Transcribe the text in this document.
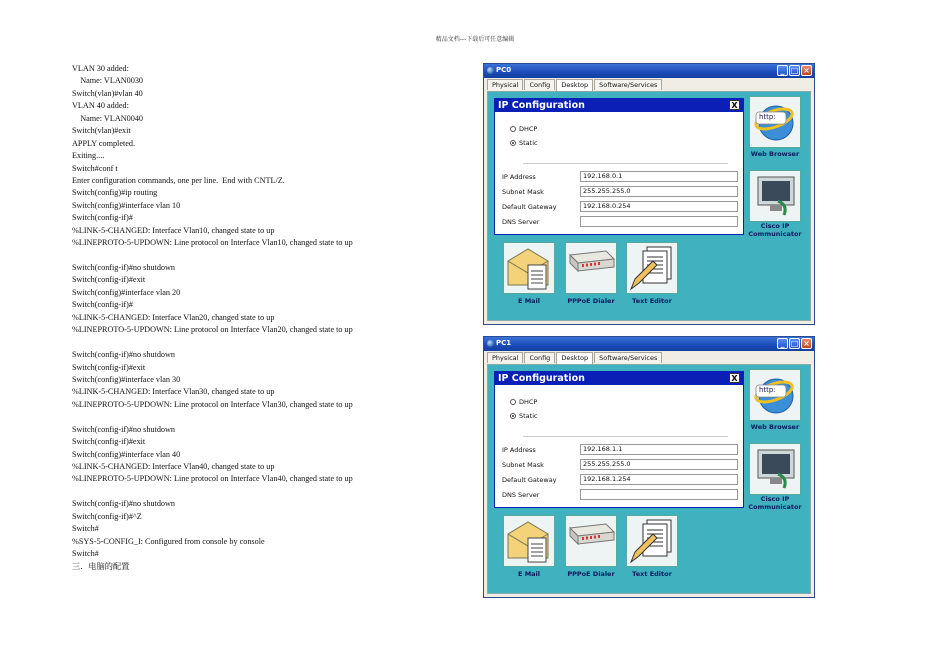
精品文档---下载后可任意编辑
VLAN 30 added:
Name: VLAN0030
Switch(vlan)#vlan 40
VLAN 40 added:
Name: VLAN0040
Switch(vlan)#exit
APPLY completed.
Exiting....
Switch#conf t
Enter configuration commands, one per line.  End with CNTL/Z.
Switch(config)#ip routing
Switch(config)#interface vlan 10
Switch(config-if)#
%LINK-5-CHANGED: Interface Vlan10, changed state to up
%LINEPROTO-5-UPDOWN: Line protocol on Interface Vlan10, changed state to up
Switch(config-if)#no shutdown
Switch(config-if)#exit
Switch(config)#interface vlan 20
Switch(config-if)#
%LINK-5-CHANGED: Interface Vlan20, changed state to up
%LINEPROTO-5-UPDOWN: Line protocol on Interface Vlan20, changed state to up
Switch(config-if)#no shutdown
Switch(config-if)#exit
Switch(config)#interface vlan 30
%LINK-5-CHANGED: Interface Vlan30, changed state to up
%LINEPROTO-5-UPDOWN: Line protocol on Interface Vlan30, changed state to up
Switch(config-if)#no shutdown
Switch(config-if)#exit
Switch(config)#interface vlan 40
%LINK-5-CHANGED: Interface Vlan40, changed state to up
%LINEPROTO-5-UPDOWN: Line protocol on Interface Vlan40, changed state to up
Switch(config-if)#no shutdown
Switch(config-if)#^Z
Switch#
%SYS-5-CONFIG_I: Configured from console by console
Switch#
三．电脑的配置
PC0	_ □ ×
Physical	Config	Desktop	Software/Services
IP Configuration	X
DHCP
Static
IP Address	192.168.0.1
Subnet Mask	255.255.255.0
Default Gateway	192.168.0.254
DNS Server
http:
Web Browser
Cisco IP
Communicator
E Mail	PPPoE Dialer	Text Editor
PC1	_ □ ×
Physical	Config	Desktop	Software/Services
IP Configuration	X
DHCP
Static
IP Address	192.168.1.1
Subnet Mask	255.255.255.0
Default Gateway	192.168.1.254
DNS Server
http:
Web Browser
Cisco IP
Communicator
E Mail	PPPoE Dialer	Text Editor
